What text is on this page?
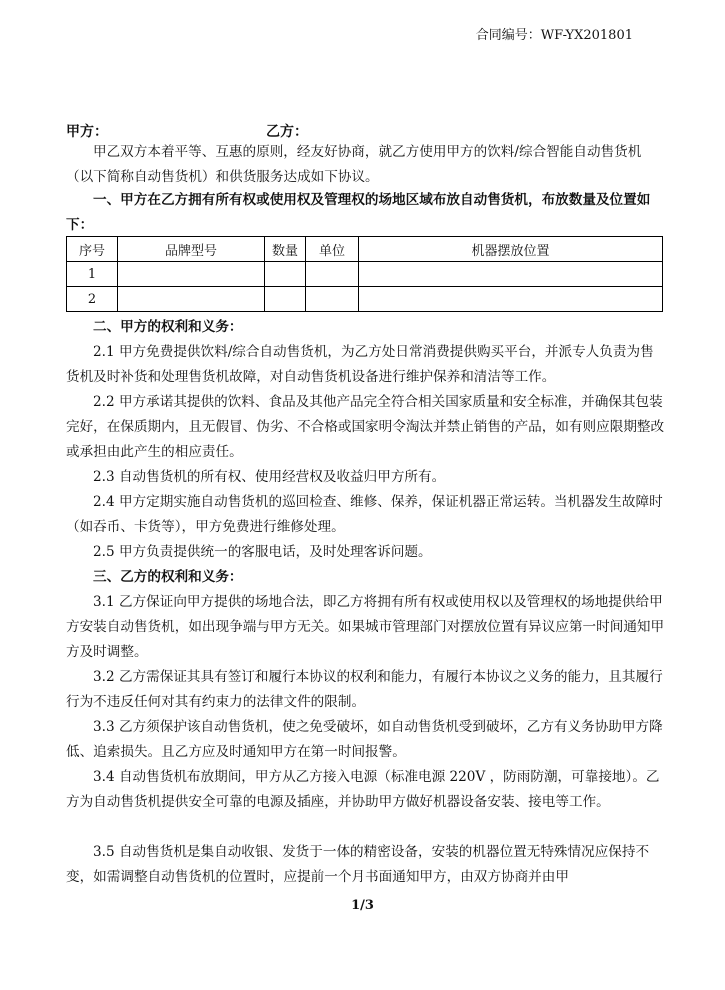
合同编号：WF-YX201801
甲方：	乙方：
甲乙双方本着平等、互惠的原则，经友好协商，就乙方使用甲方的饮料/综合智能自动售货机（以下简称自动售货机）和供货服务达成如下协议。
一、甲方在乙方拥有所有权或使用权及管理权的场地区域布放自动售货机，布放数量及位置如下：
序号	品牌型号	数量	单位	机器摆放位置
1				
2				
二、甲方的权利和义务：
2.1 甲方免费提供饮料/综合自动售货机，为乙方处日常消费提供购买平台，并派专人负责为售货机及时补货和处理售货机故障，对自动售货机设备进行维护保养和清洁等工作。
2.2 甲方承诺其提供的饮料、食品及其他产品完全符合相关国家质量和安全标准，并确保其包装完好，在保质期内，且无假冒、伪劣、不合格或国家明令淘汰并禁止销售的产品，如有则应限期整改或承担由此产生的相应责任。
2.3 自动售货机的所有权、使用经营权及收益归甲方所有。
2.4 甲方定期实施自动售货机的巡回检查、维修、保养，保证机器正常运转。当机器发生故障时（如吞币、卡货等），甲方免费进行维修处理。
2.5 甲方负责提供统一的客服电话，及时处理客诉问题。
三、乙方的权利和义务：
3.1 乙方保证向甲方提供的场地合法，即乙方将拥有所有权或使用权以及管理权的场地提供给甲方安装自动售货机，如出现争端与甲方无关。如果城市管理部门对摆放位置有异议应第一时间通知甲方及时调整。
3.2 乙方需保证其具有签订和履行本协议的权利和能力，有履行本协议之义务的能力，且其履行行为不违反任何对其有约束力的法律文件的限制。
3.3 乙方须保护该自动售货机，使之免受破坏，如自动售货机受到破坏，乙方有义务协助甲方降低、追索损失。且乙方应及时通知甲方在第一时间报警。
3.4 自动售货机布放期间，甲方从乙方接入电源（标准电源 220V ，防雨防潮，可靠接地）。乙方为自动售货机提供安全可靠的电源及插座，并协助甲方做好机器设备安装、接电等工作。
3.5 自动售货机是集自动收银、发货于一体的精密设备，安装的机器位置无特殊情况应保持不变，如需调整自动售货机的位置时，应提前一个月书面通知甲方，由双方协商并由甲
1/3
